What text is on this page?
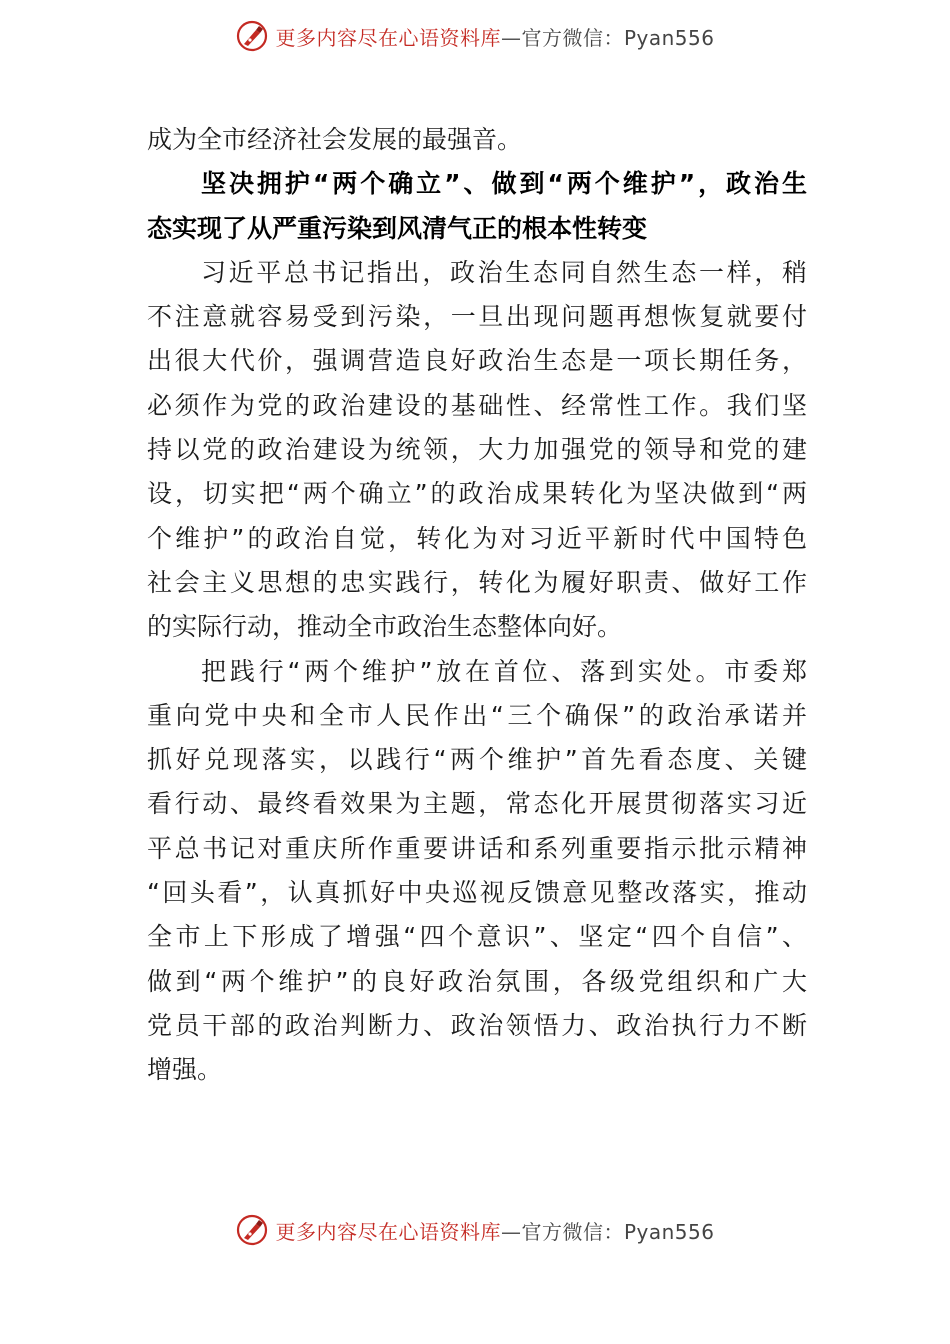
更多内容尽在心语资料库—官方微信：Pyan556
成为全市经济社会发展的最强音。
坚决拥护“两个确立”、做到“两个维护”，政治生
态实现了从严重污染到风清气正的根本性转变
习近平总书记指出，政治生态同自然生态一样，稍
不注意就容易受到污染，一旦出现问题再想恢复就要付
出很大代价，强调营造良好政治生态是一项长期任务，
必须作为党的政治建设的基础性、经常性工作。我们坚
持以党的政治建设为统领，大力加强党的领导和党的建
设，切实把“两个确立”的政治成果转化为坚决做到“两
个维护”的政治自觉，转化为对习近平新时代中国特色
社会主义思想的忠实践行，转化为履好职责、做好工作
的实际行动，推动全市政治生态整体向好。
把践行“两个维护”放在首位、落到实处。市委郑
重向党中央和全市人民作出“三个确保”的政治承诺并
抓好兑现落实，以践行“两个维护”首先看态度、关键
看行动、最终看效果为主题，常态化开展贯彻落实习近
平总书记对重庆所作重要讲话和系列重要指示批示精神
“回头看”，认真抓好中央巡视反馈意见整改落实，推动
全市上下形成了增强“四个意识”、坚定“四个自信”、
做到“两个维护”的良好政治氛围，各级党组织和广大
党员干部的政治判断力、政治领悟力、政治执行力不断
增强。
更多内容尽在心语资料库—官方微信：Pyan556
